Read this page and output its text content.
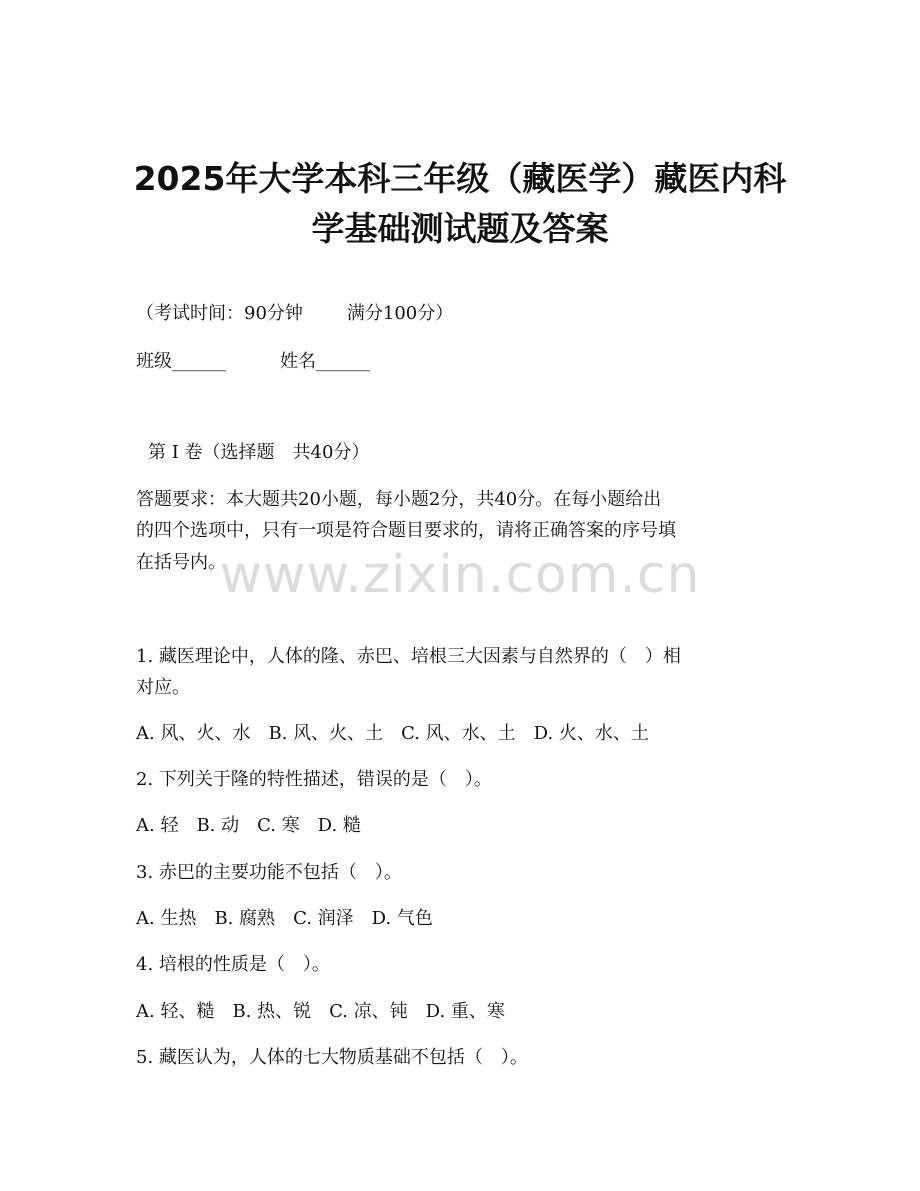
2025年大学本科三年级（藏医学）藏医内科
学基础测试题及答案
（考试时间：90分钟 满分100分）
班级______	姓名______
第 I 卷（选择题　共40分）
答题要求：本大题共20小题，每小题2分，共40分。在每小题给出
的四个选项中，只有一项是符合题目要求的，请将正确答案的序号填
在括号内。
www.zixin.com.cn
1. 藏医理论中，人体的隆、赤巴、培根三大因素与自然界的（　）相
对应。
A. 风、火、水　B. 风、火、土　C. 风、水、土　D. 火、水、土
2. 下列关于隆的特性描述，错误的是（　）。
A. 轻　B. 动　C. 寒　D. 糙
3. 赤巴的主要功能不包括（　）。
A. 生热　B. 腐熟　C. 润泽　D. 气色
4. 培根的性质是（　）。
A. 轻、糙　B. 热、锐　C. 凉、钝　D. 重、寒
5. 藏医认为，人体的七大物质基础不包括（　）。
